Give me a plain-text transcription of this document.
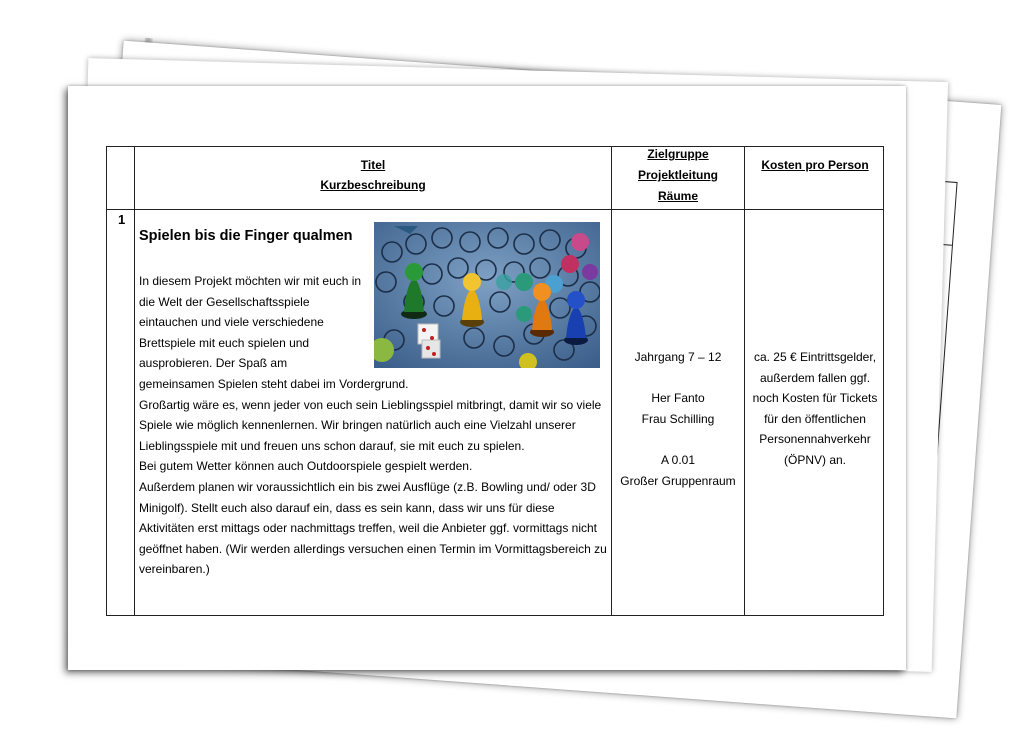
Titel
Kurzbeschreibung
Zielgruppe
Projektleitung
Räume
Kosten pro Person
1
Jahrgang 7 – 12
Her Fanto
Frau Schilling
A 0.01
Großer Gruppenraum
ca. 25 € Eintrittsgelder,
außerdem fallen ggf.
noch Kosten für Tickets
für den öffentlichen
Personennahverkehr
(ÖPNV) an.
Spielen bis die Finger qualmen

In diesem Projekt möchten wir mit euch in

die Welt der Gesellschaftsspiele

eintauchen und viele verschiedene

Brettspiele mit euch spielen und

ausprobieren. Der Spaß am

gemeinsamen Spielen steht dabei im Vordergrund.

Großartig wäre es, wenn jeder von euch sein Lieblingsspiel mitbringt, damit wir so viele

Spiele wie möglich kennenlernen. Wir bringen natürlich auch eine Vielzahl unserer

Lieblingsspiele mit und freuen uns schon darauf, sie mit euch zu spielen.

Bei gutem Wetter können auch Outdoorspiele gespielt werden.

Außerdem planen wir voraussichtlich ein bis zwei Ausflüge (z.B. Bowling und/ oder 3D

Minigolf). Stellt euch also darauf ein, dass es sein kann, dass wir uns für diese

Aktivitäten erst mittags oder nachmittags treffen, weil die Anbieter ggf. vormittags nicht

geöffnet haben. (Wir werden allerdings versuchen einen Termin im Vormittagsbereich zu

vereinbaren.)
